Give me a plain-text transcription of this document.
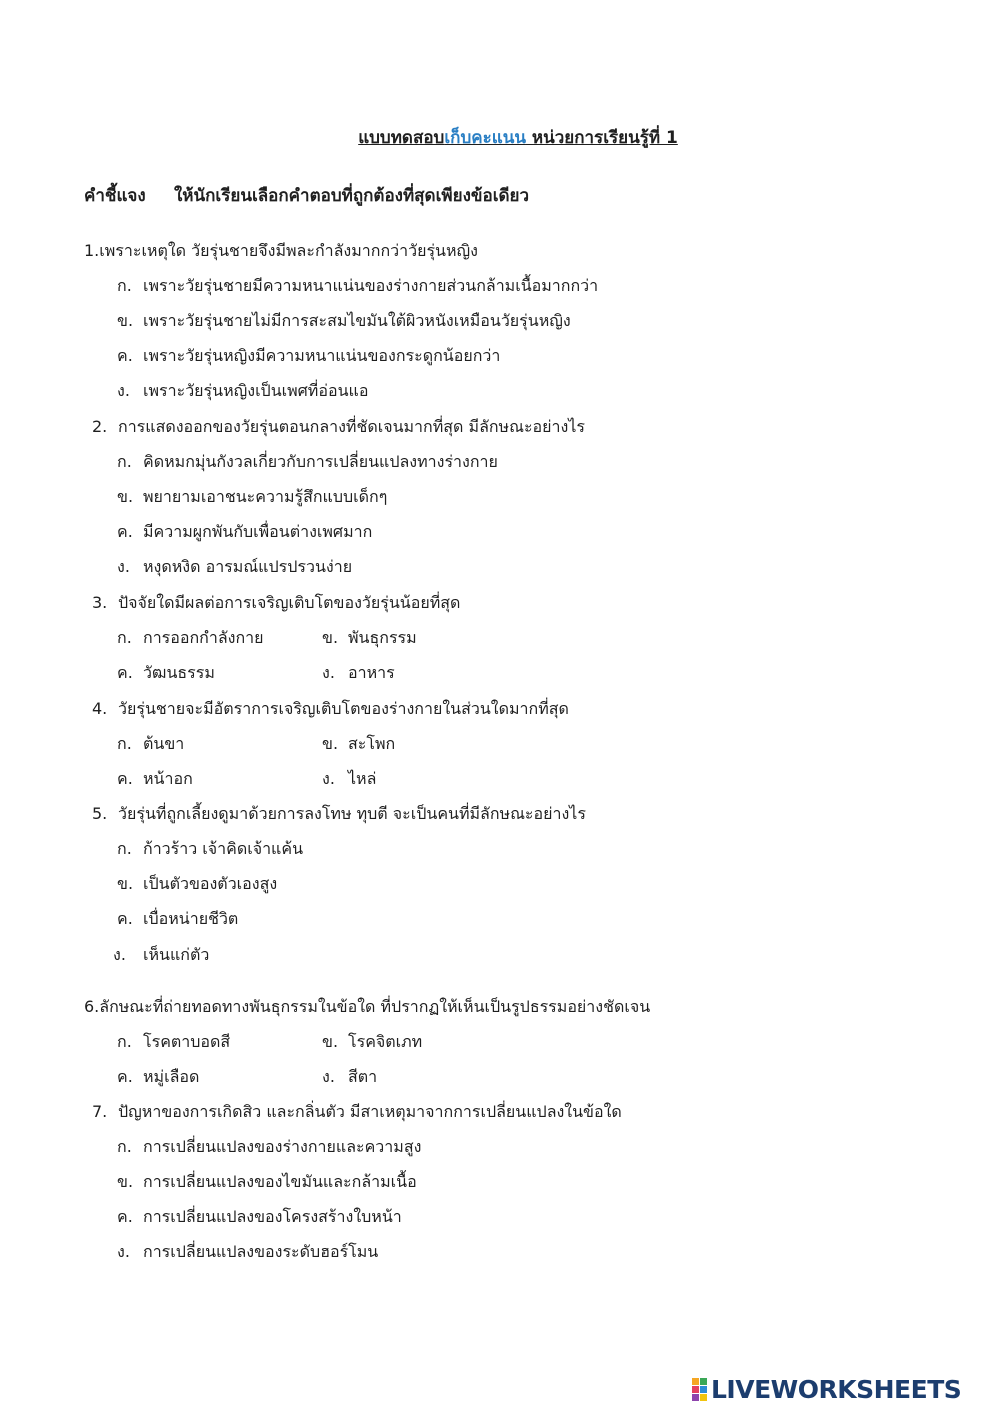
แบบทดสอบเก็บคะแนน หน่วยการเรียนรู้ที่ 1
คำชี้แจง ให้นักเรียนเลือกคำตอบที่ถูกต้องที่สุดเพียงข้อเดียว
1.เพราะเหตุใด วัยรุ่นชายจึงมีพละกำลังมากกว่าวัยรุ่นหญิง
ก. เพราะวัยรุ่นชายมีความหนาแน่นของร่างกายส่วนกล้ามเนื้อมากกว่า
ข. เพราะวัยรุ่นชายไม่มีการสะสมไขมันใต้ผิวหนังเหมือนวัยรุ่นหญิง
ค. เพราะวัยรุ่นหญิงมีความหนาแน่นของกระดูกน้อยกว่า
ง. เพราะวัยรุ่นหญิงเป็นเพศที่อ่อนแอ
2. การแสดงออกของวัยรุ่นตอนกลางที่ชัดเจนมากที่สุด มีลักษณะอย่างไร
ก. คิดหมกมุ่นกังวลเกี่ยวกับการเปลี่ยนแปลงทางร่างกาย
ข. พยายามเอาชนะความรู้สึกแบบเด็กๆ
ค. มีความผูกพันกับเพื่อนต่างเพศมาก
ง. หงุดหงิด อารมณ์แปรปรวนง่าย
3. ปัจจัยใดมีผลต่อการเจริญเติบโตของวัยรุ่นน้อยที่สุด
ก. การออกกำลังกาย	ข. พันธุกรรม
ค. วัฒนธรรม	ง. อาหาร
4. วัยรุ่นชายจะมีอัตราการเจริญเติบโตของร่างกายในส่วนใดมากที่สุด
ก. ต้นขา	ข. สะโพก
ค. หน้าอก	ง. ไหล่
5. วัยรุ่นที่ถูกเลี้ยงดูมาด้วยการลงโทษ ทุบตี จะเป็นคนที่มีลักษณะอย่างไร
ก. ก้าวร้าว เจ้าคิดเจ้าแค้น
ข. เป็นตัวของตัวเองสูง
ค. เบื่อหน่ายชีวิต
ง. เห็นแก่ตัว
6.ลักษณะที่ถ่ายทอดทางพันธุกรรมในข้อใด ที่ปรากฏให้เห็นเป็นรูปธรรมอย่างชัดเจน
ก. โรคตาบอดสี	ข. โรคจิตเภท
ค. หมู่เลือด	ง. สีตา
7. ปัญหาของการเกิดสิว และกลิ่นตัว มีสาเหตุมาจากการเปลี่ยนแปลงในข้อใด
ก. การเปลี่ยนแปลงของร่างกายและความสูง
ข. การเปลี่ยนแปลงของไขมันและกล้ามเนื้อ
ค. การเปลี่ยนแปลงของโครงสร้างใบหน้า
ง. การเปลี่ยนแปลงของระดับฮอร์โมน
LIVEWORKSHEETS
